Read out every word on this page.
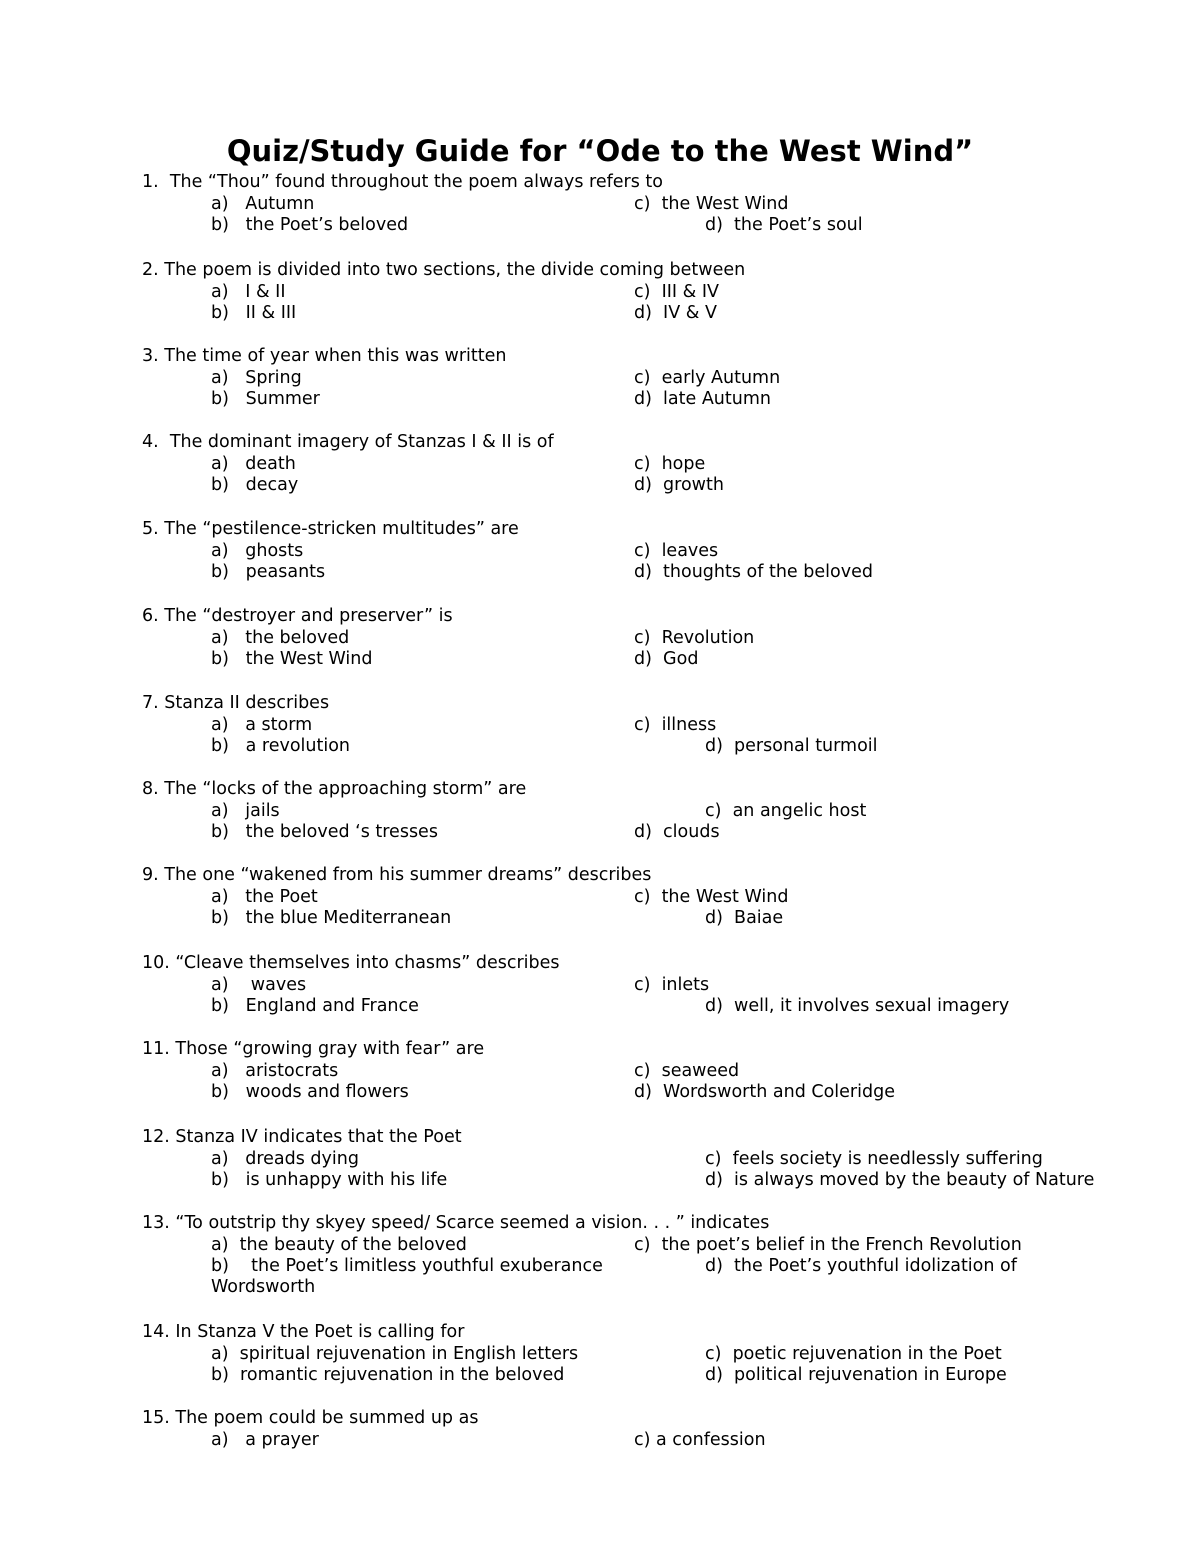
Quiz/Study Guide for “Ode to the West Wind”
1.  The “Thou” found throughout the poem always refers to
a)   Autumn	c)  the West Wind
b)   the Poet’s beloved	d)  the Poet’s soul
2. The poem is divided into two sections, the divide coming between
a)   I & II	c)  III & IV
b)   II & III	d)  IV & V
3. The time of year when this was written
a)   Spring	c)  early Autumn
b)   Summer	d)  late Autumn
4.  The dominant imagery of Stanzas I & II is of
a)   death	c)  hope
b)   decay	d)  growth
5. The “pestilence-stricken multitudes” are
a)   ghosts	c)  leaves
b)   peasants	d)  thoughts of the beloved
6. The “destroyer and preserver” is
a)   the beloved	c)  Revolution
b)   the West Wind	d)  God
7. Stanza II describes
a)   a storm	c)  illness
b)   a revolution	d)  personal turmoil
8. The “locks of the approaching storm” are
a)   jails	c)  an angelic host
b)   the beloved ‘s tresses	d)  clouds
9. The one “wakened from his summer dreams” describes
a)   the Poet	c)  the West Wind
b)   the blue Mediterranean	d)  Baiae
10. “Cleave themselves into chasms” describes
a)    waves	c)  inlets
b)   England and France	d)  well, it involves sexual imagery
11. Those “growing gray with fear” are
a)   aristocrats	c)  seaweed
b)   woods and flowers	d)  Wordsworth and Coleridge
12. Stanza IV indicates that the Poet
a)   dreads dying	c)  feels society is needlessly suffering
b)   is unhappy with his life	d)  is always moved by the beauty of Nature
13. “To outstrip thy skyey speed/ Scarce seemed a vision. . . ” indicates
a)  the beauty of the beloved	c)  the poet’s belief in the French Revolution
b)    the Poet’s limitless youthful exuberance	d)  the Poet’s youthful idolization of
Wordsworth
14. In Stanza V the Poet is calling for
a)  spiritual rejuvenation in English letters	c)  poetic rejuvenation in the Poet
b)  romantic rejuvenation in the beloved	d)  political rejuvenation in Europe
15. The poem could be summed up as
a)   a prayer	c) a confession
